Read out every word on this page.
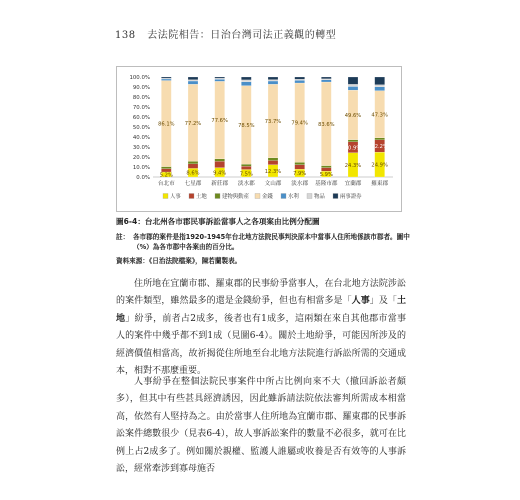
138 去法院相告：日治台灣司法正義觀的轉型
0.0%
10.0%
20.0%
30.0%
40.0%
50.0%
60.0%
70.0%
80.0%
90.0%
100.0%
5.2%
86.1%
台北市
8.6%
77.2%
七星郡
9.4%
77.6%
新莊郡
7.5%
78.5%
淡水郡
12.3%
73.7%
文山郡
7.9%
79.4%
淡水郡
5.9%
83.6%
基隆市郡
24.3%
10.9%
49.6%
宜蘭郡
24.9%
12.2%
47.3%
羅東郡
人事	土地	建物與動產 金錢	水利	物品	兩事證券
圖6-4：台北州各市郡民事訴訟當事人之各項案由比例分配圖
註： 各市郡的案件是指1920-1945年台北地方法院民事判決原本中當事人住所地係該市郡者。圖中（%）為各市郡中各案由的百分比。
資料來源：《日治法院檔案》，陳若蘭製表。

住所地在宜蘭市郡、羅東郡的民事紛爭當事人，在台北地方法院涉訟的案件類型，雖然最多的還是金錢紛爭，但也有相當多是「人事」及「土地」紛爭，前者占2成多，後者也有1成多，這兩類在來自其他郡市當事人的案件中幾乎都不到1成（見圖6-4）。關於土地紛爭，可能因所涉及的經濟價值相當高，故祈揭從住所地至台北地方法院進行訴訟所需的交通成本，相對不那麼重要。

人事紛爭在整個法院民事案件中所占比例向來不大（撤回訴訟者頗多），但其中有些甚具經濟誘因，因此雖訴請法院依法審判所需成本相當高，依然有人堅持為之。由於當事人住所地為宜蘭市郡、羅東郡的民事訴訟案件總數很少（見表6-4），故人事訴訟案件的數量不必很多，就可在比例上占2成多了。例如關於親權、監護人誰屬或收養是否有效等的人事訴訟，經常牽涉到寡母施否
